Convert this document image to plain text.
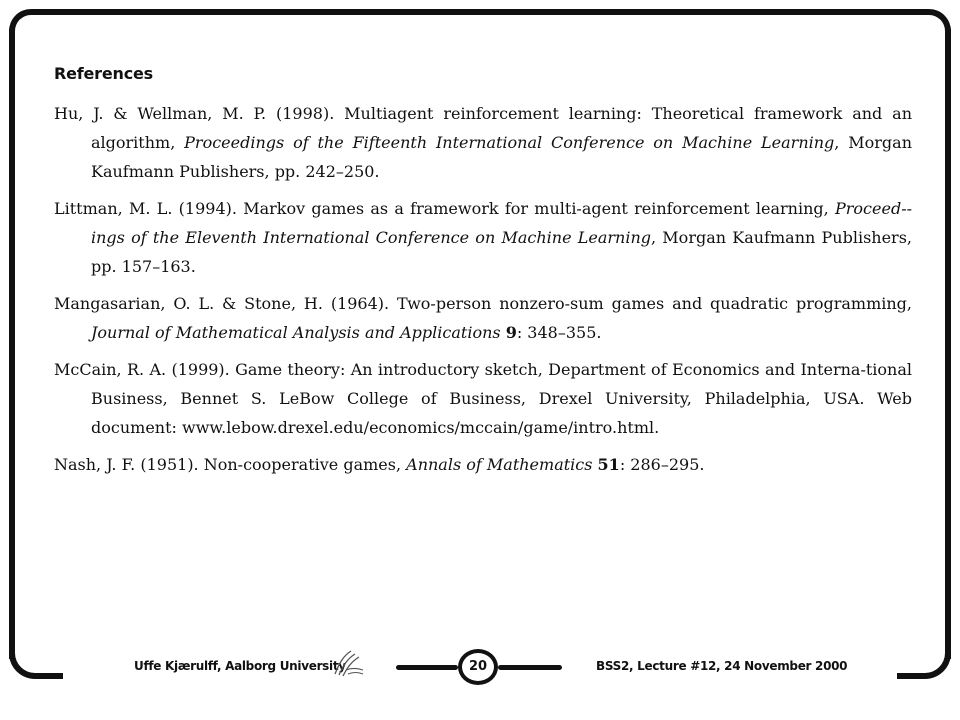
References
Hu, J. & Wellman, M. P. (1998). Multiagent reinforcement learning: Theoretical framework and an algorithm, Proceedings of the Fifteenth International Conference on Machine Learning, Morgan Kaufmann Publishers, pp. 242–250.
Littman, M. L. (1994). Markov games as a framework for multi-agent reinforcement learning, Proceed-ings of the Eleventh International Conference on Machine Learning, Morgan Kaufmann Publishers, pp. 157–163.
Mangasarian, O. L. & Stone, H. (1964). Two-person nonzero-sum games and quadratic programming, Journal of Mathematical Analysis and Applications 9: 348–355.
McCain, R. A. (1999). Game theory: An introductory sketch, Department of Economics and Interna-tional Business, Bennet S. LeBow College of Business, Drexel University, Philadelphia, USA. Web document: www.lebow.drexel.edu/economics/mccain/game/intro.html.
Nash, J. F. (1951). Non-cooperative games, Annals of Mathematics 51: 286–295.
Uffe Kjærulff, Aalborg University	20	BSS2, Lecture #12, 24 November 2000
